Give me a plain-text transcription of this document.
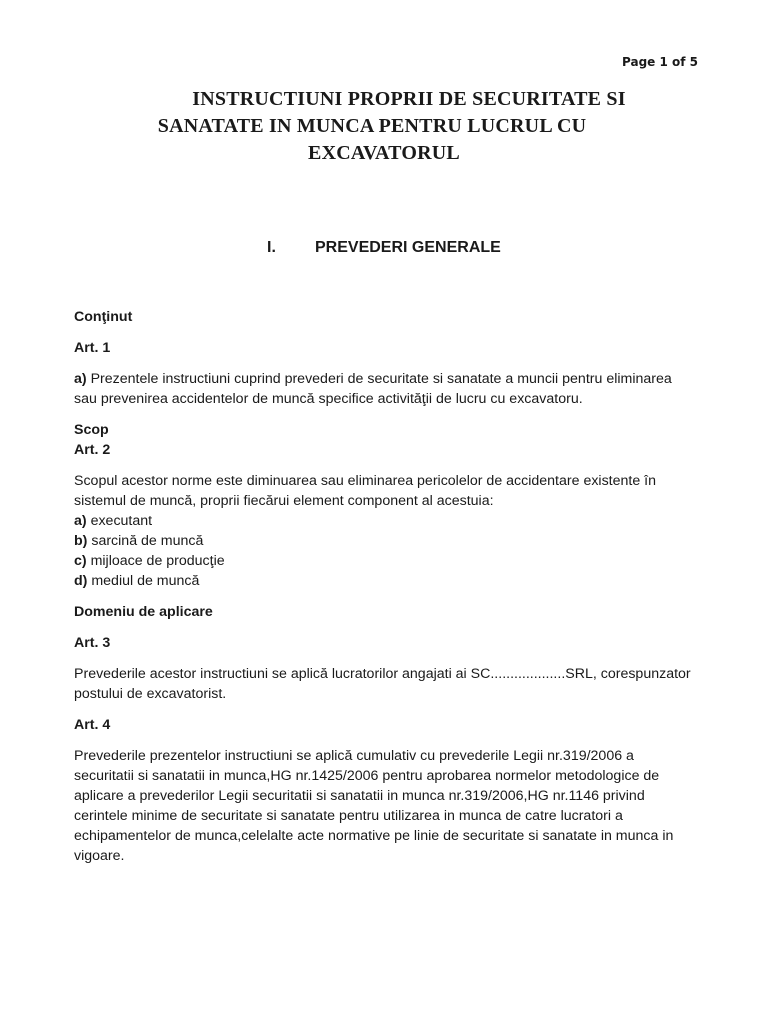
Page 1 of 5
INSTRUCTIUNI PROPRII DE SECURITATE SI
SANATATE IN MUNCA PENTRU LUCRUL CU
EXCAVATORUL
I. PREVEDERI GENERALE

Conţinut

Art. 1

a) Prezentele instructiuni cuprind prevederi de securitate si sanatate a muncii pentru eliminarea sau prevenirea accidentelor de muncă specifice activităţii de lucru cu excavatoru.

Scop

Art. 2

Scopul acestor norme este diminuarea sau eliminarea pericolelor de accidentare existente în sistemul de muncă, proprii fiecărui element component al acestuia:

a) executant

b) sarcină de muncă

c) mijloace de producţie

d) mediul de muncă

Domeniu de aplicare

Art. 3

Prevederile acestor instructiuni se aplică lucratorilor angajati ai SC...................SRL, corespunzator postului de excavatorist.

Art. 4

Prevederile prezentelor instructiuni se aplică cumulativ cu prevederile Legii nr.319/2006 a securitatii si sanatatii in munca,HG nr.1425/2006 pentru aprobarea normelor metodologice de aplicare a prevederilor Legii securitatii si sanatatii in munca nr.319/2006,HG nr.1146 privind cerintele minime de securitate si sanatate pentru utilizarea in munca de catre lucratori a echipamentelor de munca,celelalte acte normative pe linie de securitate si sanatate in munca in vigoare.
